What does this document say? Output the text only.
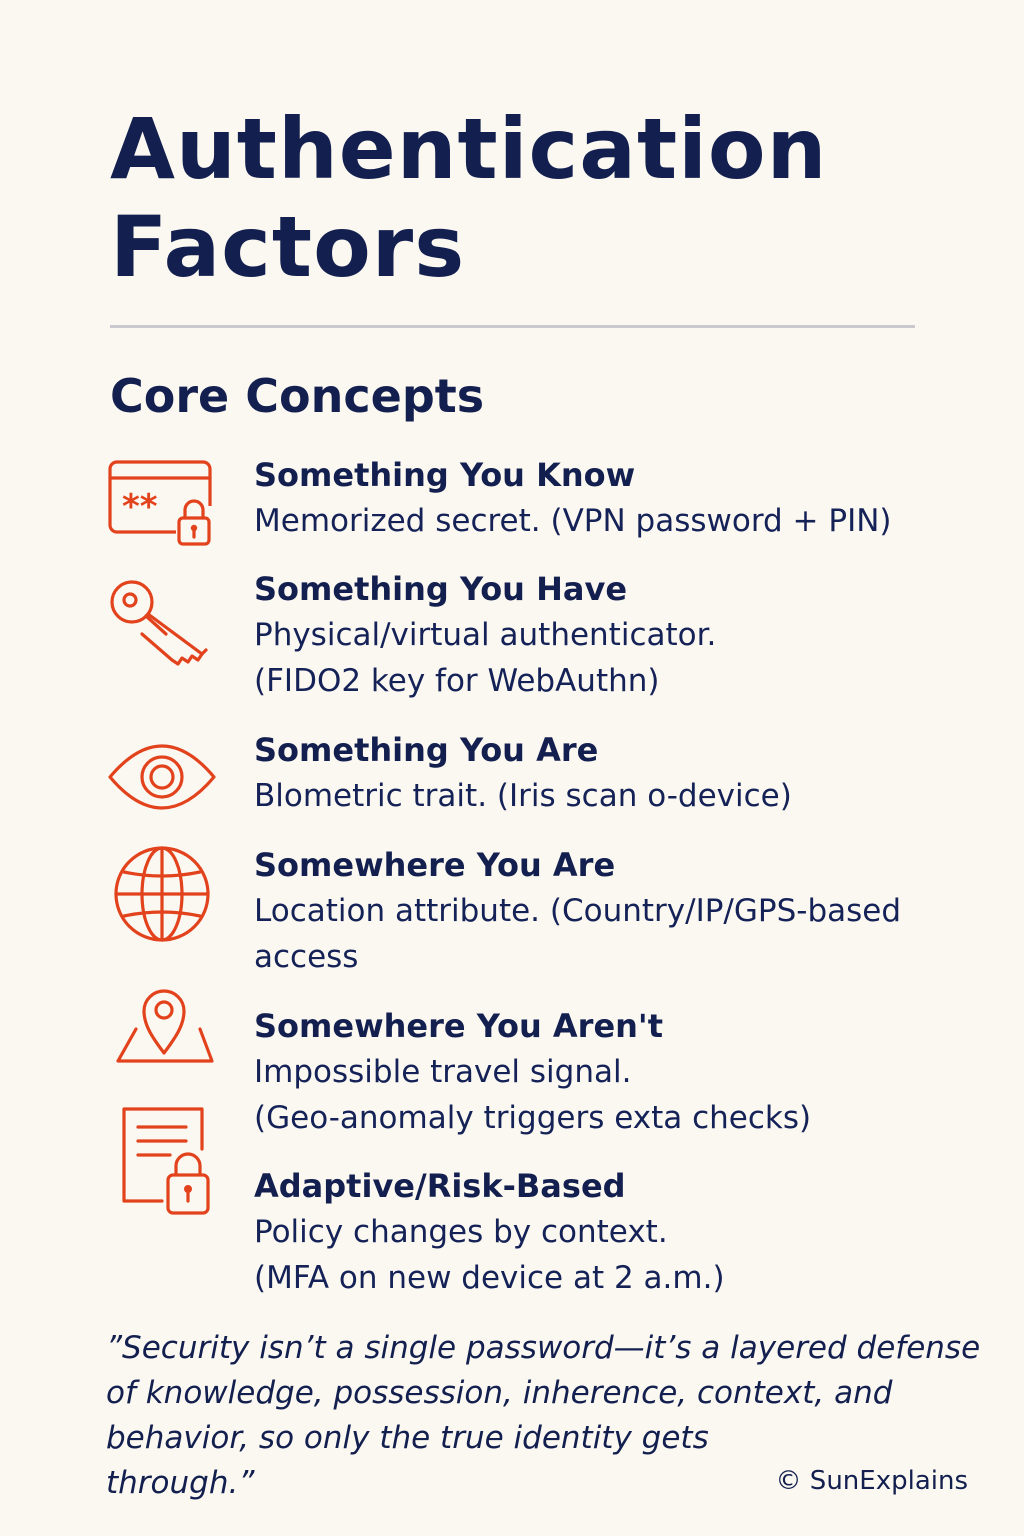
Authentication
Factors
Core Concepts
**
Something You Know
Memorized secret. (VPN password + PIN)
Something You Have
Physical/virtual authenticator.
(FIDO2 key for WebAuthn)
Something You Are
Blometric trait. (Iris scan o-device)
Somewhere You Are
Location attribute. (Country/IP/GPS-based
access
Somewhere You Aren't
Impossible travel signal.
(Geo-anomaly triggers exta checks)
Adaptive/Risk-Based
Policy changes by context.
(MFA on new device at 2 a.m.)
”Security isn’t a single password—it’s a layered defense
of knowledge, possession, inherence, context, and
behavior, so only the true identity gets
through.”	© SunExplains
